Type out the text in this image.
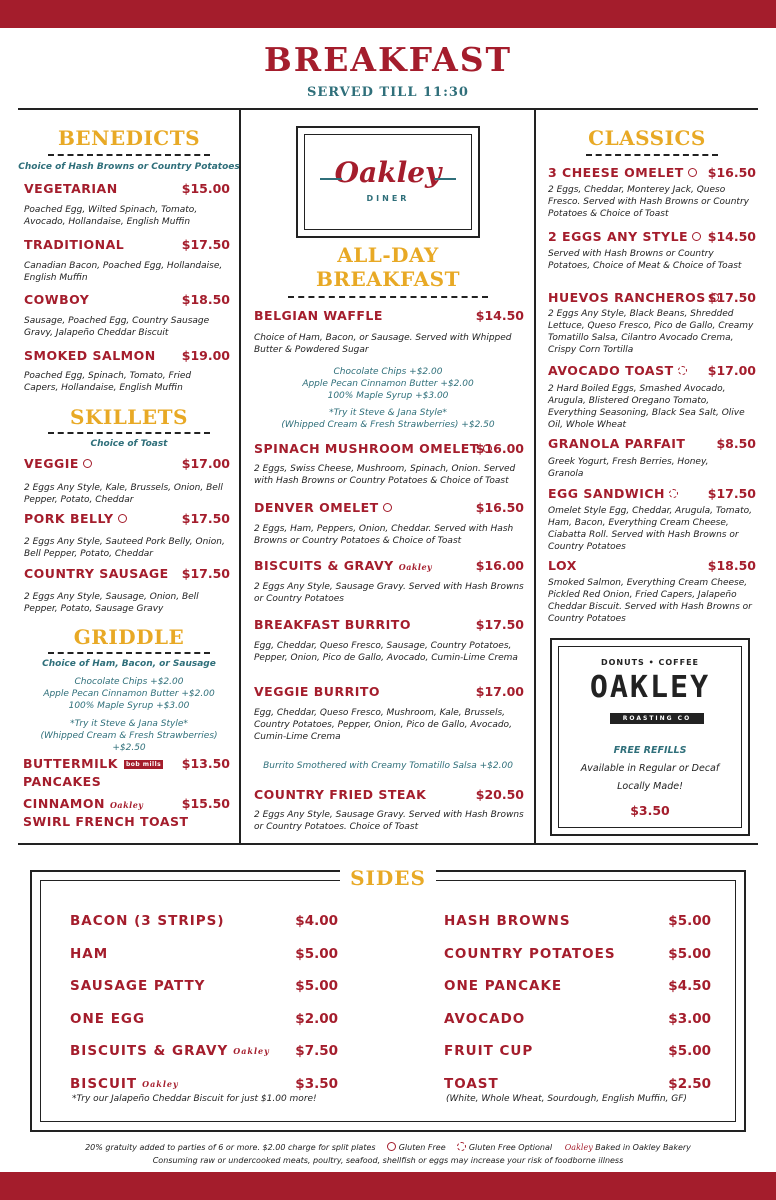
BREAKFAST
SERVED TILL 11:30
BENEDICTS
Choice of Hash Browns or Country Potatoes
VEGETARIAN	$15.00
Poached Egg, Wilted Spinach, Tomato, Avocado, Hollandaise, English Muffin
TRADITIONAL	$17.50
Canadian Bacon, Poached Egg, Hollandaise, English Muffin
COWBOY	$18.50
Sausage, Poached Egg, Country Sausage Gravy, Jalapeño Cheddar Biscuit
SMOKED SALMON $19.00
Poached Egg, Spinach, Tomato, Fried Capers, Hollandaise, English Muffin
SKILLETS
Choice of Toast
VEGGIE	$17.00
2 Eggs Any Style, Kale, Brussels, Onion, Bell Pepper, Potato, Cheddar
PORK BELLY	$17.50
2 Eggs Any Style, Sauteed Pork Belly, Onion, Bell Pepper, Potato, Cheddar
COUNTRY SAUSAGE $17.50
2 Eggs Any Style, Sausage, Onion, Bell Pepper, Potato, Sausage Gravy
GRIDDLE
Choice of Ham, Bacon, or Sausage
Chocolate Chips +$2.00
Apple Pecan Cinnamon Butter +$2.00
100% Maple Syrup +$3.00
*Try it Steve & Jana Style*
(Whipped Cream & Fresh Strawberries)
+$2.50
BUTTERMILK bob mills
PANCAKES
$13.50
CINNAMON Oakley
SWIRL FRENCH TOAST
$15.50
Oakley
DINER
ALL-DAY
BREAKFAST
BELGIAN WAFFLE	$14.50
Choice of Ham, Bacon, or Sausage. Served with Whipped Butter & Powdered Sugar
Chocolate Chips +$2.00
Apple Pecan Cinnamon Butter +$2.00
100% Maple Syrup +$3.00
*Try it Steve & Jana Style*
(Whipped Cream & Fresh Strawberries) +$2.50
SPINACH MUSHROOM OMELET
$16.00
2 Eggs, Swiss Cheese, Mushroom, Spinach, Onion. Served with Hash Browns or Country Potatoes & Choice of Toast
DENVER OMELET	$16.50
2 Eggs, Ham, Peppers, Onion, Cheddar. Served with Hash Browns or Country Potatoes & Choice of Toast
BISCUITS & GRAVY Oakley	$16.00
2 Eggs Any Style, Sausage Gravy. Served with Hash Browns or Country Potatoes
BREAKFAST BURRITO	$17.50
Egg, Cheddar, Queso Fresco, Sausage, Country Potatoes, Pepper, Onion, Pico de Gallo, Avocado, Cumin-Lime Crema
VEGGIE BURRITO	$17.00
Egg, Cheddar, Queso Fresco, Mushroom, Kale, Brussels, Country Potatoes, Pepper, Onion, Pico de Gallo, Avocado, Cumin-Lime Crema
Burrito Smothered with Creamy Tomatillo Salsa +$2.00
COUNTRY FRIED STEAK	$20.50
2 Eggs Any Style, Sausage Gravy. Served with Hash Browns or Country Potatoes. Choice of Toast
CLASSICS
3 CHEESE OMELET	$16.50
2 Eggs, Cheddar, Monterey Jack, Queso Fresco. Served with Hash Browns or Country Potatoes & Choice of Toast
2 EGGS ANY STYLE	$14.50
Served with Hash Browns or Country Potatoes, Choice of Meat & Choice of Toast
HUEVOS RANCHEROS $17.50
2 Eggs Any Style, Black Beans, Shredded Lettuce, Queso Fresco, Pico de Gallo, Creamy Tomatillo Salsa, Cilantro Avocado Crema, Crispy Corn Tortilla
AVOCADO TOAST	$17.00
2 Hard Boiled Eggs, Smashed Avocado, Arugula, Blistered Oregano Tomato, Everything Seasoning, Black Sea Salt, Olive Oil, Whole Wheat
GRANOLA PARFAIT $8.50
Greek Yogurt, Fresh Berries, Honey, Granola
EGG SANDWICH	$17.50
Omelet Style Egg, Cheddar, Arugula, Tomato, Ham, Bacon, Everything Cream Cheese, Ciabatta Roll. Served with Hash Browns or Country Potatoes
LOX	$18.50
Smoked Salmon, Everything Cream Cheese, Pickled Red Onion, Fried Capers, Jalapeño Cheddar Biscuit. Served with Hash Browns or Country Potatoes
DONUTS • COFFEE
OAKLEY
ROASTING CO
FREE REFILLS
Available in Regular or Decaf
Locally Made!
$3.50
SIDES
BACON (3 STRIPS)	$4.00
HAM	$5.00
SAUSAGE PATTY	$5.00
ONE EGG	$2.00
BISCUITS & GRAVY Oakley	$7.50
BISCUIT Oakley	$3.50
*Try our Jalapeño Cheddar Biscuit for just $1.00 more!
HASH BROWNS	$5.00
COUNTRY POTATOES	$5.00
ONE PANCAKE	$4.50
AVOCADO	$3.00
FRUIT CUP	$5.00
TOAST	$2.50
(White, Whole Wheat, Sourdough, English Muffin, GF)
20% gratuity added to parties of 6 or more. $2.00 charge for split plates	Gluten Free	Gluten Free Optional Oakley Baked in Oakley Bakery
Consuming raw or undercooked meats, poultry, seafood, shellfish or eggs may increase your risk of foodborne illness
